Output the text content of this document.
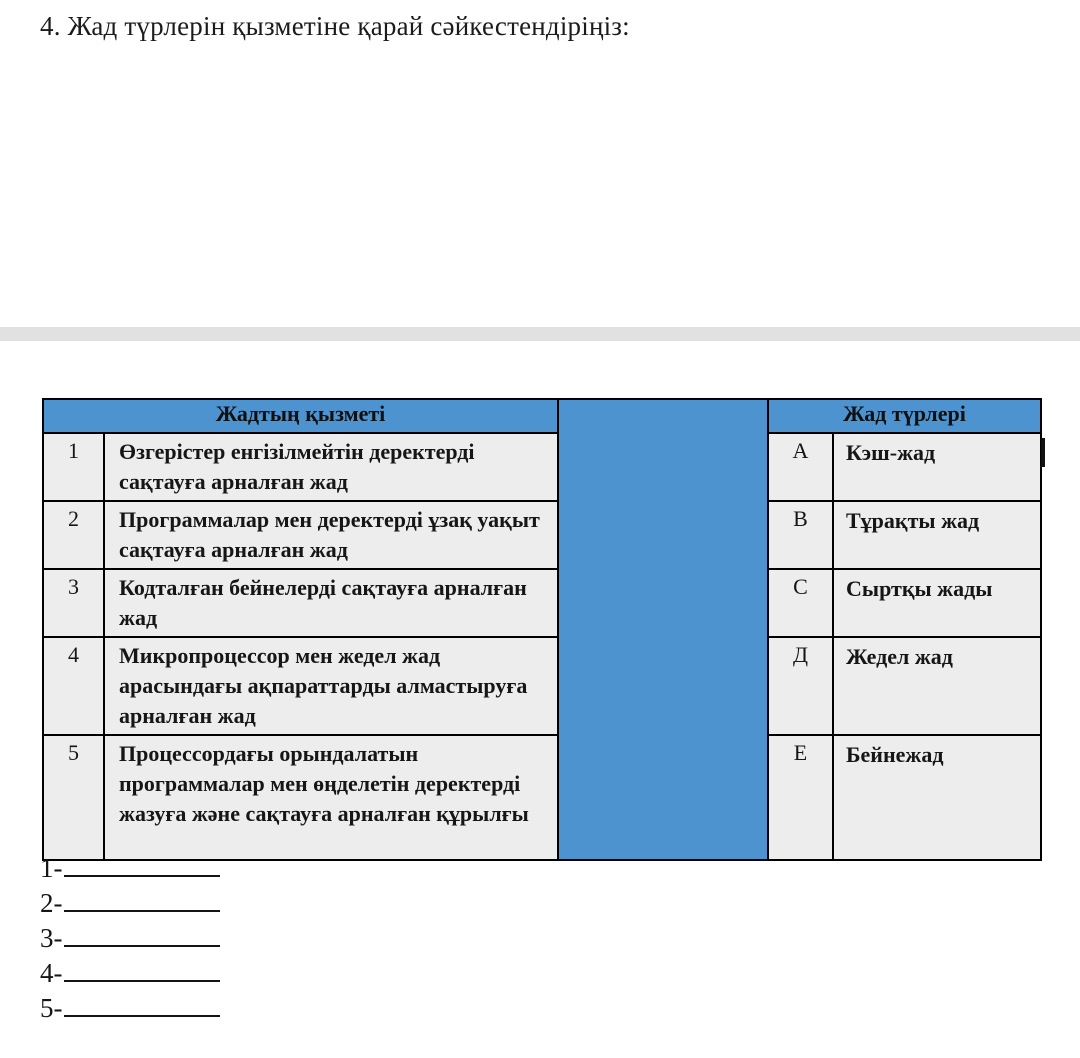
4. Жад түрлерін қызметіне қарай сәйкестендіріңіз:
Жадтың қызметі			Жад түрлері	
1	Өзгерістер енгізілмейтін деректерді сақтауға арналған жад		А	Кэш-жад
2	Программалар мен деректерді ұзақ уақыт сақтауға арналған жад		В	Тұрақты жад
3	Кодталған бейнелерді сақтауға арналған жад		С	Сыртқы жады
4	Микропроцессор мен жедел жад арасындағы ақпараттарды алмастыруға арналған жад		Д	Жедел жад
5	Процессордағы орындалатын программалар мен өңделетін деректерді жазуға және сақтауға арналған құрылғы		Е	Бейнежад
1-
2-
3-
4-
5-
